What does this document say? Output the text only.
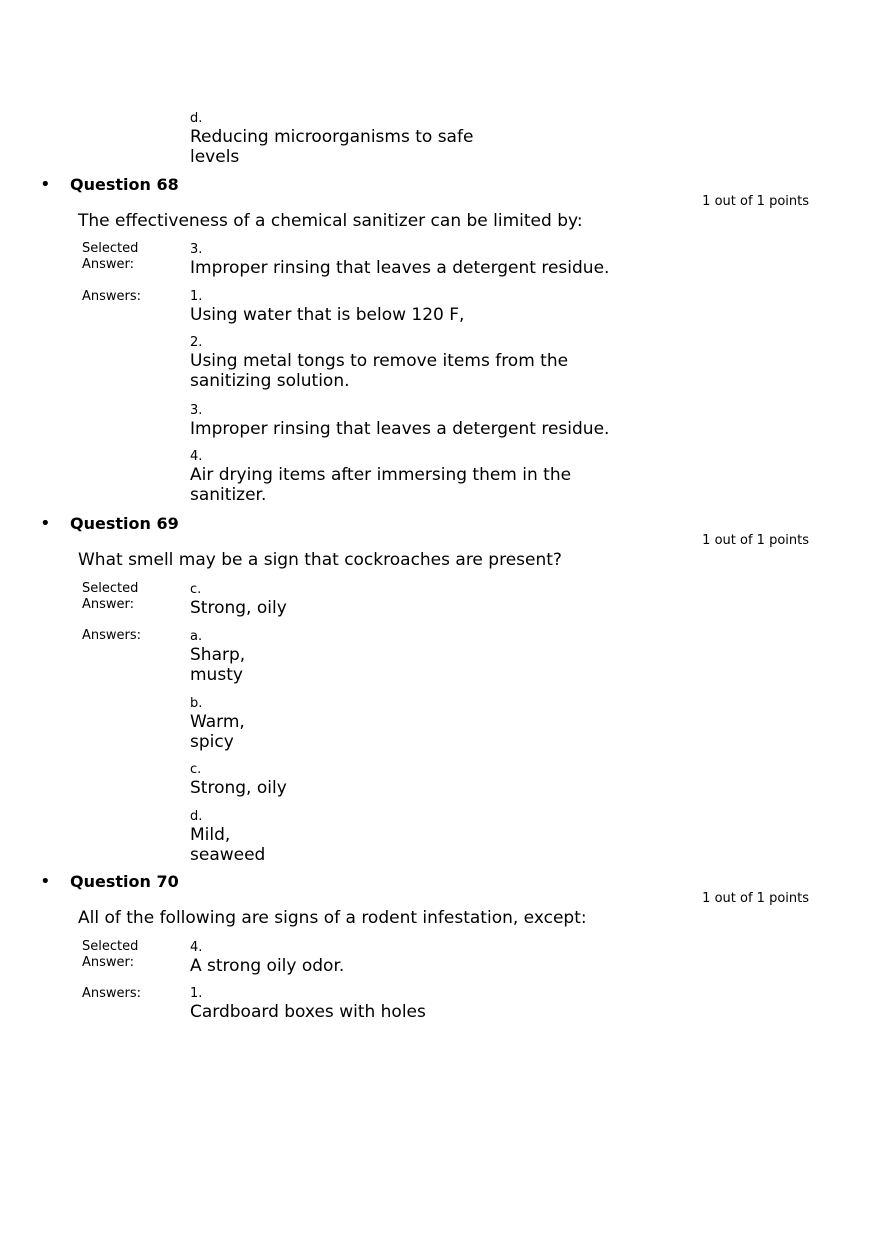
d.
Reducing microorganisms to safe
levels
• Question 68
1 out of 1 points
The effectiveness of a chemical sanitizer can be limited by:
Selected
Answer:
3.
Improper rinsing that leaves a detergent residue.
Answers:	1.
Using water that is below 120 F,
2.
Using metal tongs to remove items from the
sanitizing solution.
3.
Improper rinsing that leaves a detergent residue.
4.
Air drying items after immersing them in the
sanitizer.
• Question 69
1 out of 1 points
What smell may be a sign that cockroaches are present?
Selected
Answer:
c.
Strong, oily
Answers:	a.
Sharp,
musty
b.
Warm,
spicy
c.
Strong, oily
d.
Mild,
seaweed
• Question 70
1 out of 1 points
All of the following are signs of a rodent infestation, except:
Selected
Answer:
4.
A strong oily odor.
Answers:	1.
Cardboard boxes with holes
